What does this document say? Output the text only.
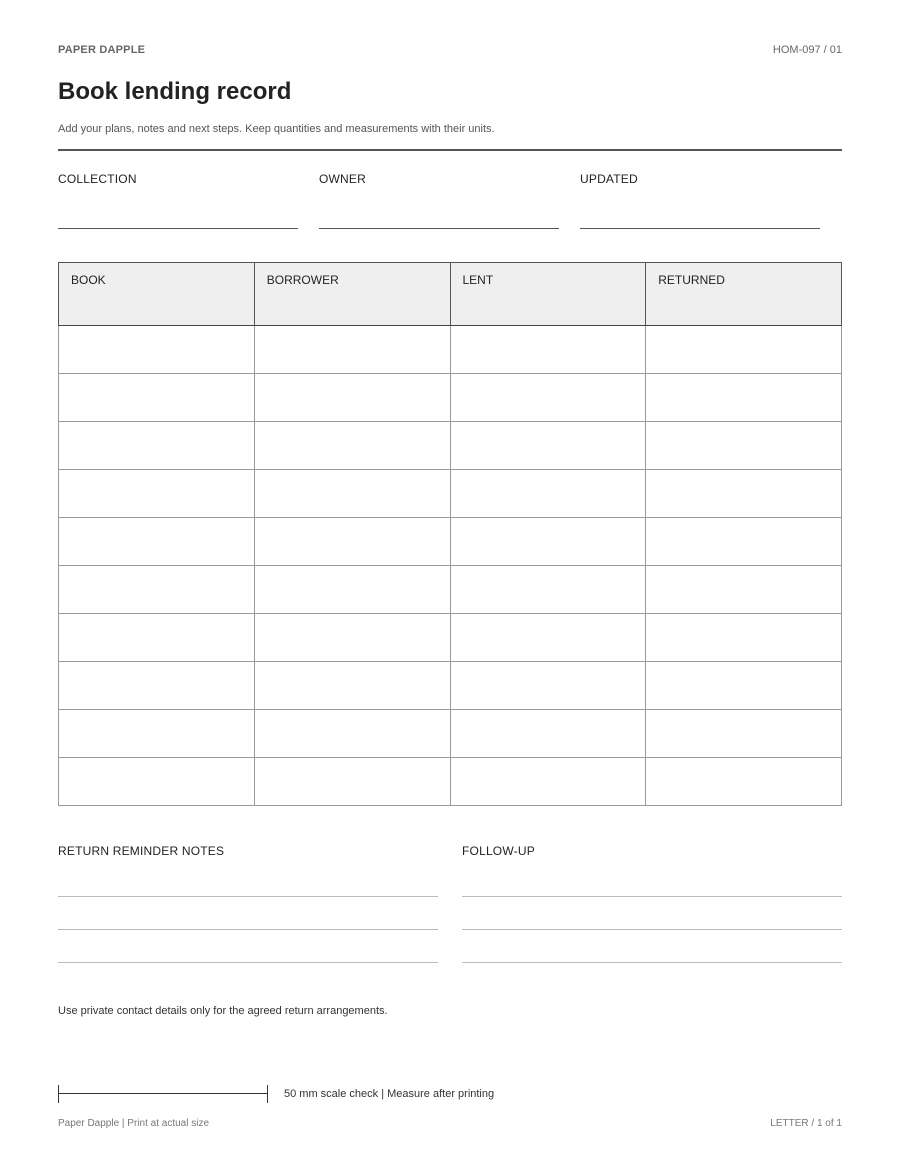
PAPER DAPPLE	HOM-097 / 01
Book lending record
Add your plans, notes and next steps. Keep quantities and measurements with their units.
COLLECTION	OWNER	UPDATED
BOOK	BORROWER	LENT	RETURNED

RETURN REMINDER NOTES	FOLLOW-UP
Use private contact details only for the agreed return arrangements.
50 mm scale check | Measure after printing
Paper Dapple | Print at actual size	LETTER / 1 of 1
